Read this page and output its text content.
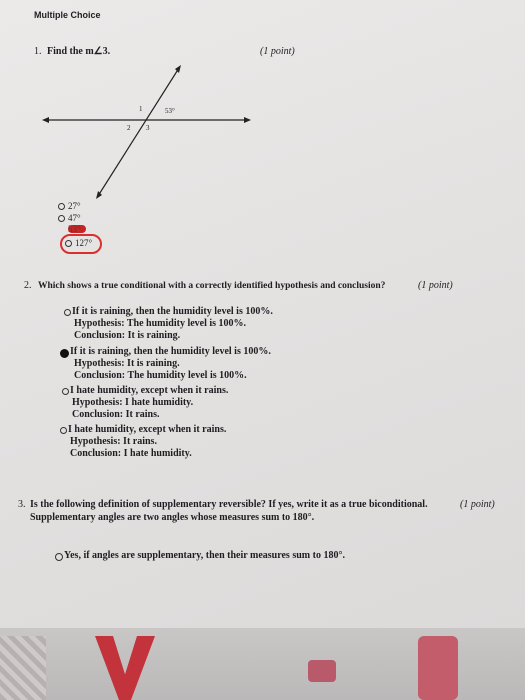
Multiple Choice
1. Find the m∠3.	(1 point)
1	53°
2 3
27°
47°
53°
127°
2. Which shows a true conditional with a correctly identified hypothesis and conclusion?	(1 point)
If it is raining, then the humidity level is 100%.
Hypothesis: The humidity level is 100%.
Conclusion: It is raining.
If it is raining, then the humidity level is 100%.
Hypothesis: It is raining.
Conclusion: The humidity level is 100%.
I hate humidity, except when it rains.
Hypothesis: I hate humidity.
Conclusion: It rains.
I hate humidity, except when it rains.
Hypothesis: It rains.
Conclusion: I hate humidity.
3. Is the following definition of supplementary reversible? If yes, write it as a true biconditional.	(1 point)
Supplementary angles are two angles whose measures sum to 180°.
Yes, if angles are supplementary, then their measures sum to 180°.
